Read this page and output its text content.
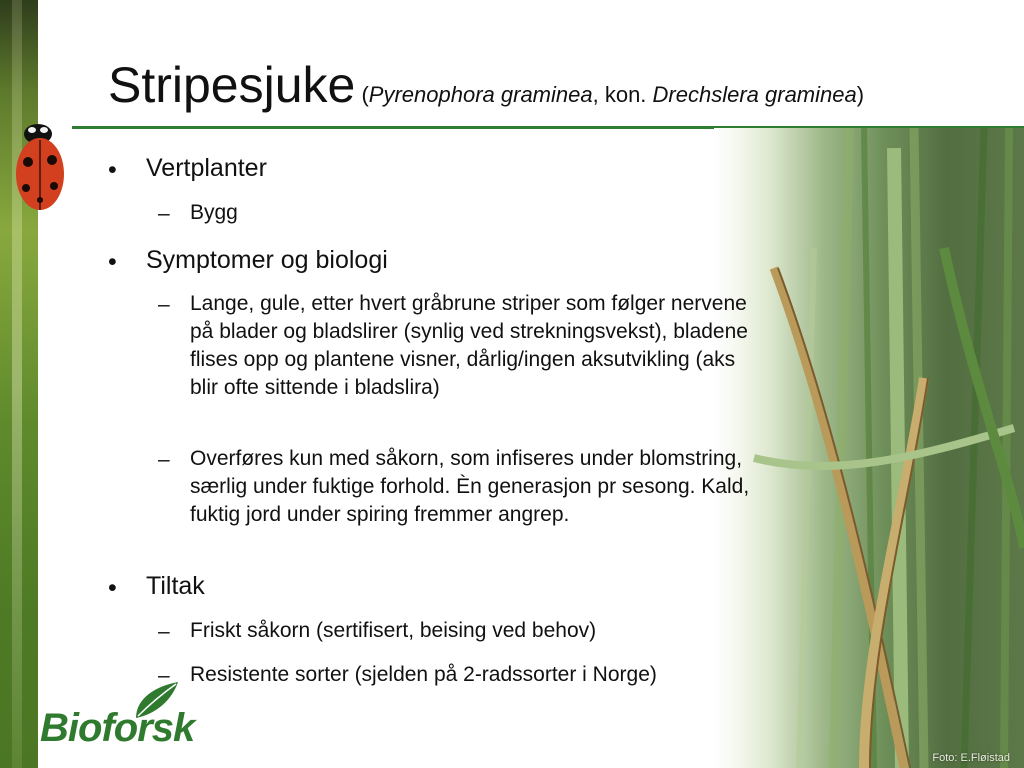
Stripesjuke (Pyrenophora graminea, kon. Drechslera graminea)
Foto: E.Fløistad
• Vertplanter
– Bygg
• Symptomer og biologi
– Lange, gule, etter hvert gråbrune striper som følger nervene på blader og bladslirer (synlig ved strekningsvekst), bladene flises opp og plantene visner, dårlig/ingen aksutvikling (aks blir ofte sittende i bladslira)
– Overføres kun med såkorn, som infiseres under blomstring, særlig under fuktige forhold. Èn generasjon pr sesong. Kald, fuktig jord under spiring fremmer angrep.
• Tiltak
– Friskt såkorn (sertifisert, beising ved behov)
– Resistente sorter (sjelden på 2-radssorter i Norge)
Bioforsk
